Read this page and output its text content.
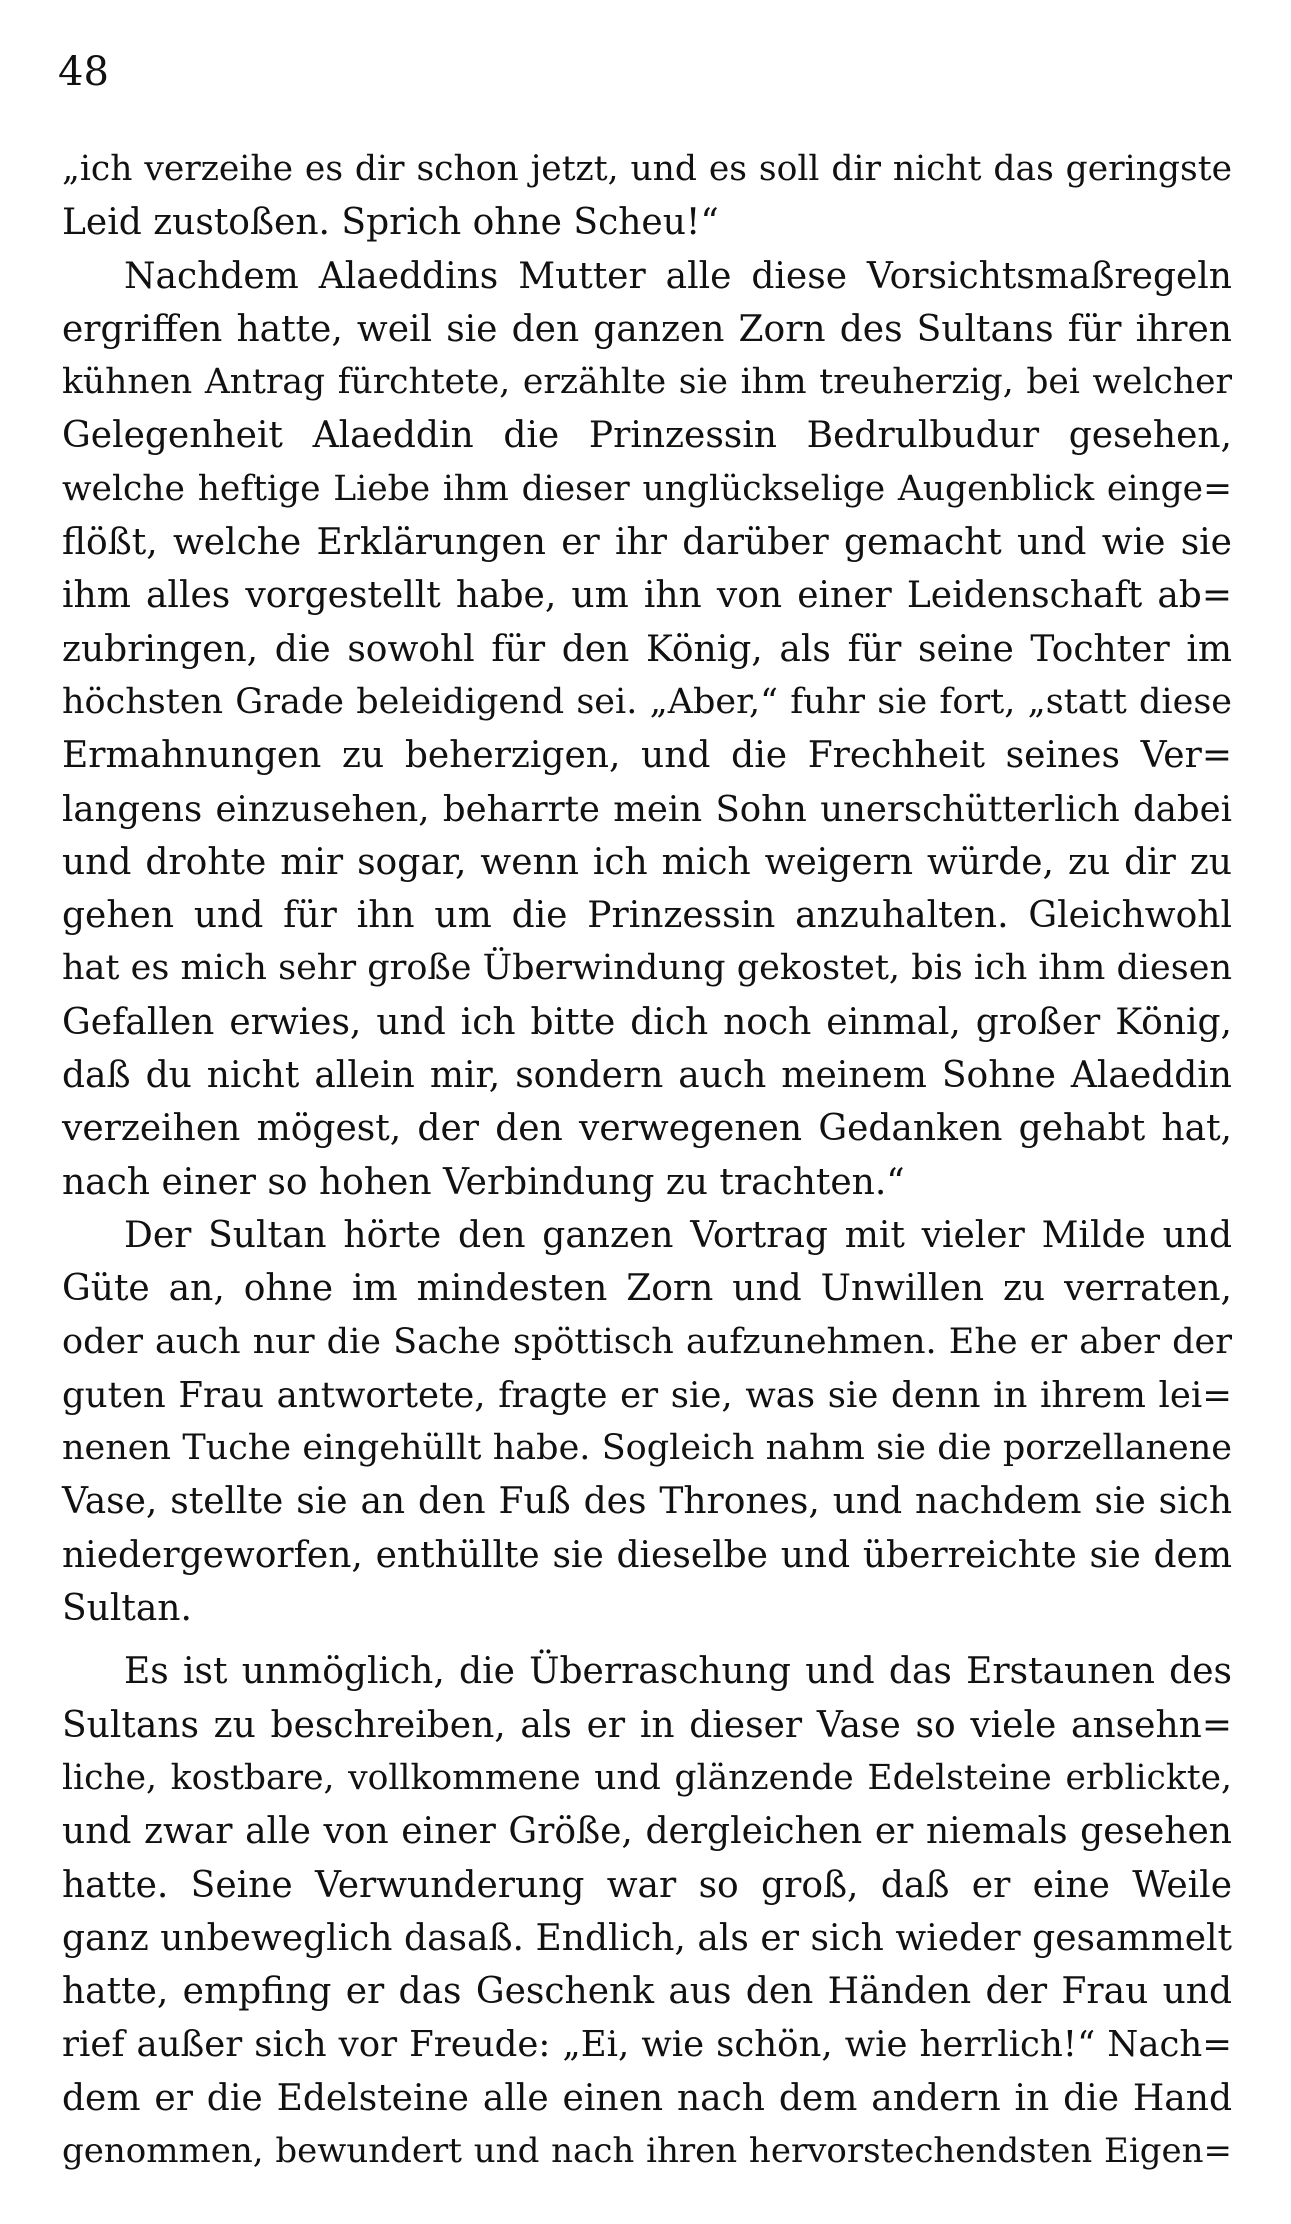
48
„ich verzeihe es dir schon jetzt, und es soll dir nicht das geringste
Leid zustoßen. Sprich ohne Scheu!“
Nachdem Alaeddins Mutter alle diese Vorsichtsmaßregeln
ergriffen hatte, weil sie den ganzen Zorn des Sultans für ihren
kühnen Antrag fürchtete, erzählte sie ihm treuherzig, bei welcher
Gelegenheit Alaeddin die Prinzessin Bedrulbudur gesehen,
welche heftige Liebe ihm dieser unglückselige Augenblick einge=
flößt, welche Erklärungen er ihr darüber gemacht und wie sie
ihm alles vorgestellt habe, um ihn von einer Leidenschaft ab=
zubringen, die sowohl für den König, als für seine Tochter im
höchsten Grade beleidigend sei. „Aber,“ fuhr sie fort, „statt diese
Ermahnungen zu beherzigen, und die Frechheit seines Ver=
langens einzusehen, beharrte mein Sohn unerschütterlich dabei
und drohte mir sogar, wenn ich mich weigern würde, zu dir zu
gehen und für ihn um die Prinzessin anzuhalten. Gleichwohl
hat es mich sehr große Überwindung gekostet, bis ich ihm diesen
Gefallen erwies, und ich bitte dich noch einmal, großer König,
daß du nicht allein mir, sondern auch meinem Sohne Alaeddin
verzeihen mögest, der den verwegenen Gedanken gehabt hat,
nach einer so hohen Verbindung zu trachten.“
Der Sultan hörte den ganzen Vortrag mit vieler Milde und
Güte an, ohne im mindesten Zorn und Unwillen zu verraten,
oder auch nur die Sache spöttisch aufzunehmen. Ehe er aber der
guten Frau antwortete, fragte er sie, was sie denn in ihrem lei=
nenen Tuche eingehüllt habe. Sogleich nahm sie die porzellanene
Vase, stellte sie an den Fuß des Thrones, und nachdem sie sich
niedergeworfen, enthüllte sie dieselbe und überreichte sie dem
Sultan.
Es ist unmöglich, die Überraschung und das Erstaunen des
Sultans zu beschreiben, als er in dieser Vase so viele ansehn=
liche, kostbare, vollkommene und glänzende Edelsteine erblickte,
und zwar alle von einer Größe, dergleichen er niemals gesehen
hatte. Seine Verwunderung war so groß, daß er eine Weile
ganz unbeweglich dasaß. Endlich, als er sich wieder gesammelt
hatte, empfing er das Geschenk aus den Händen der Frau und
rief außer sich vor Freude: „Ei, wie schön, wie herrlich!“ Nach=
dem er die Edelsteine alle einen nach dem andern in die Hand
genommen, bewundert und nach ihren hervorstechendsten Eigen=
